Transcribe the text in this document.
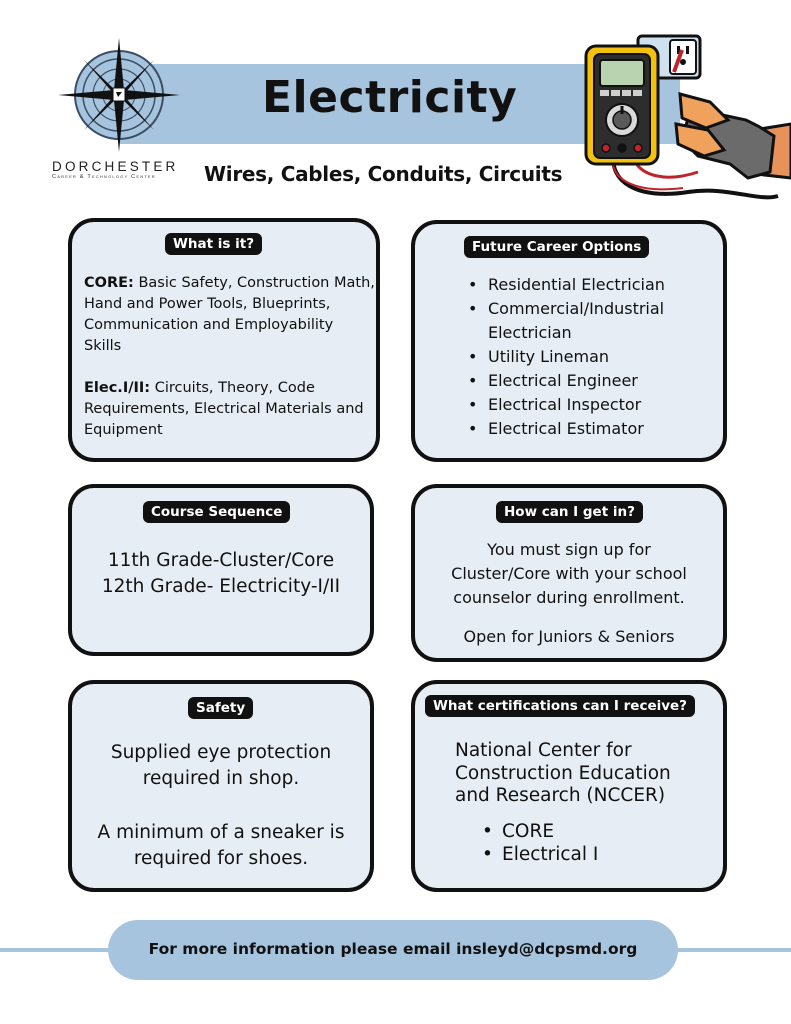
Electricity
Wires, Cables, Conduits, Circuits
DORCHESTER
Career & Technology Center
What is it?
CORE: Basic Safety, Construction Math,
Hand and Power Tools, Blueprints,
Communication and Employability
Skills
Elec.I/II: Circuits, Theory, Code
Requirements, Electrical Materials and
Equipment
Future Career Options
• Residential Electrician
• Commercial/Industrial
Electrician
• Utility Lineman
• Electrical Engineer
• Electrical Inspector
• Electrical Estimator
Course Sequence
11th Grade-Cluster/Core
12th Grade- Electricity-I/II
How can I get in?
You must sign up for
Cluster/Core with your school
counselor during enrollment.
Open for Juniors & Seniors
Safety
Supplied eye protection
required in shop.
A minimum of a sneaker is
required for shoes.
What certifications can I receive?
National Center for
Construction Education
and Research (NCCER)
• CORE
• Electrical I
For more information please email insleyd@dcpsmd.org
